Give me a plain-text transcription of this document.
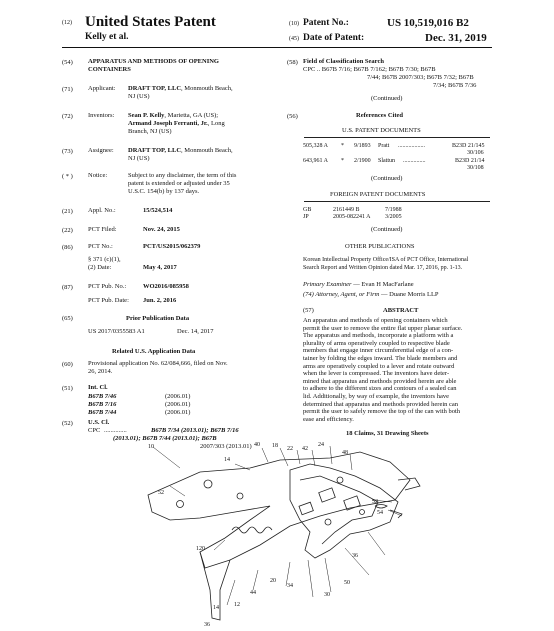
(12) United States Patent
Kelly et al.
(10) Patent No.:	US 10,519,016 B2
(45) Date of Patent:	Dec. 31, 2019
(54) APPARATUS AND METHODS OF OPENING CONTAINERS
(71) Applicant: DRAFT TOP, LLC, Monmouth Beach,
NJ (US)
(72) Inventors: Sean P. Kelly, Marietta, GA (US);
Armand Joseph Ferranti, Jr., Long
Branch, NJ (US)
(73) Assignee: DRAFT TOP, LLC, Monmouth Beach,
NJ (US)
( * ) Notice:	Subject to any disclaimer, the term of this
patent is extended or adjusted under 35
U.S.C. 154(b) by 137 days.
(21) Appl. No.:	15/524,514
(22) PCT Filed:	Nov. 24, 2015
(86) PCT No.:	PCT/US2015/062379
§ 371 (c)(1),
(2) Date:	May 4, 2017
(87) PCT Pub. No.:	WO2016/085958
PCT Pub. Date: Jun. 2, 2016
(65)	Prior Publication Data
US 2017/0355583 A1	Dec. 14, 2017
Related U.S. Application Data
(60) Provisional application No. 62/084,666, filed on Nov.
26, 2014.
(51) Int. Cl.
B67B 7/46	(2006.01)
B67B 7/16	(2006.01)
B67B 7/44	(2006.01)
(52) U.S. Cl.
CPC ..............	B67B 7/34 (2013.01); B67B 7/16
(2013.01); B67B 7/44 (2013.01); B67B
2007/303 (2013.01)
(58) Field of Classification Search
CPC .. B67B 7/16; B67B 7/162; B67B 7/30; B67B
7/44; B67B 2007/303; B67B 7/32; B67B
7/34; B67B 7/36
(Continued)
(56)	References Cited
U.S. PATENT DOCUMENTS
505,328 A * 9/1893 Pratt ..................	B23D 21/145
30/106
643,961 A * 2/1900 Slattun ...............	B23D 21/14
30/108
(Continued)
FOREIGN PATENT DOCUMENTS
GB	2161449 B	7/1988
JP	2005-082241 A 3/2005
(Continued)
OTHER PUBLICATIONS
Korean Intellectual Property Office/ISA of PCT Office, International
Search Report and Written Opinion dated Mar. 17, 2016, pp. 1-13.
Primary Examiner — Evan H MacFarlane
(74) Attorney, Agent, or Firm — Duane Morris LLP
(57)	ABSTRACT
An apparatus and methods of opening containers which
permit the user to remove the entire flat upper planar surface.
The apparatus and methods, incorporate a platform with a
plurality of arms operatively coupled to respective blade
members that engage inner circumferential edge of a con-
tainer by folding the edges inward. The blade members and
arms are operatively coupled to a lever and rotate outward
when the lever is compressed. The inventors have deter-
mined that apparatus and methods provided herein are able
to adhere to the different sizes and contours of a sealed can
lid. Additionally, by way of example, the inventors have
determined that apparatus and methods provided herein can
permit the user to safely remove the top of the can with both
ease and efficiency.
18 Claims, 31 Drawing Sheets
10
52
14
40 18 22 42
24
48
52
54
36
50
30
34
20
44
120
14	12
36
